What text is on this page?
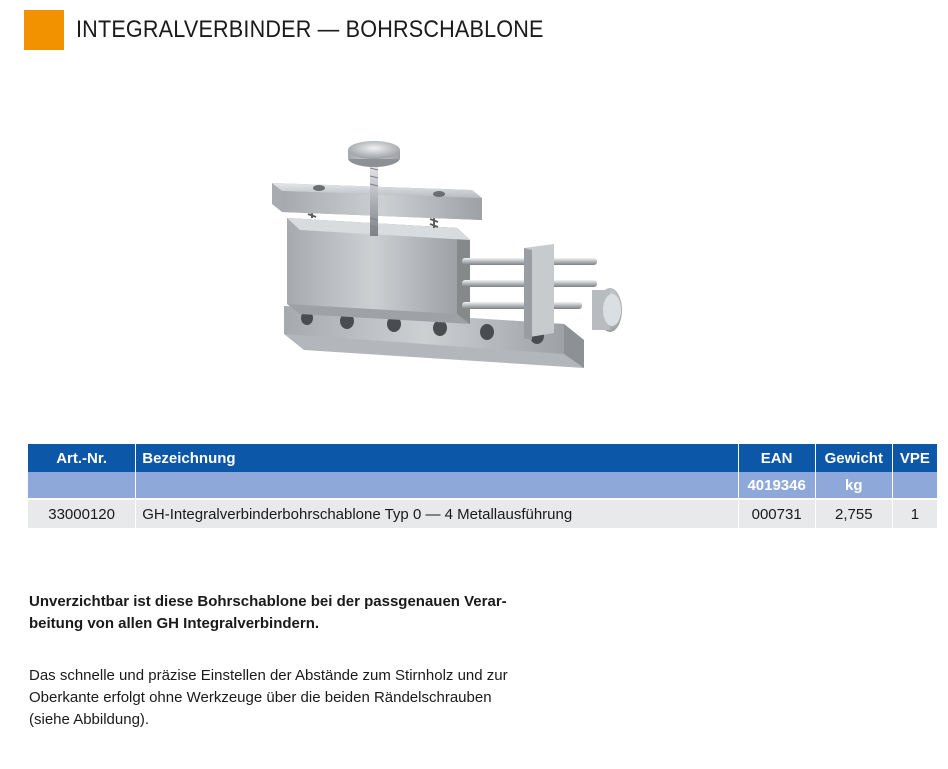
INTEGRALVERBINDER — BOHRSCHABLONE
Art.-Nr.	Bezeichnung	EAN	Gewicht	VPE
		4019346	kg	
33000120	GH-Integralverbinderbohrschablone Typ 0 — 4 Metallausführung	000731	2,755	1
Unverzichtbar ist diese Bohrschablone bei der passgenauen Verar-
beitung von allen GH Integralverbindern.
Das schnelle und präzise Einstellen der Abstände zum Stirnholz und zur
Oberkante erfolgt ohne Werkzeuge über die beiden Rändelschrauben
(siehe Abbildung).
